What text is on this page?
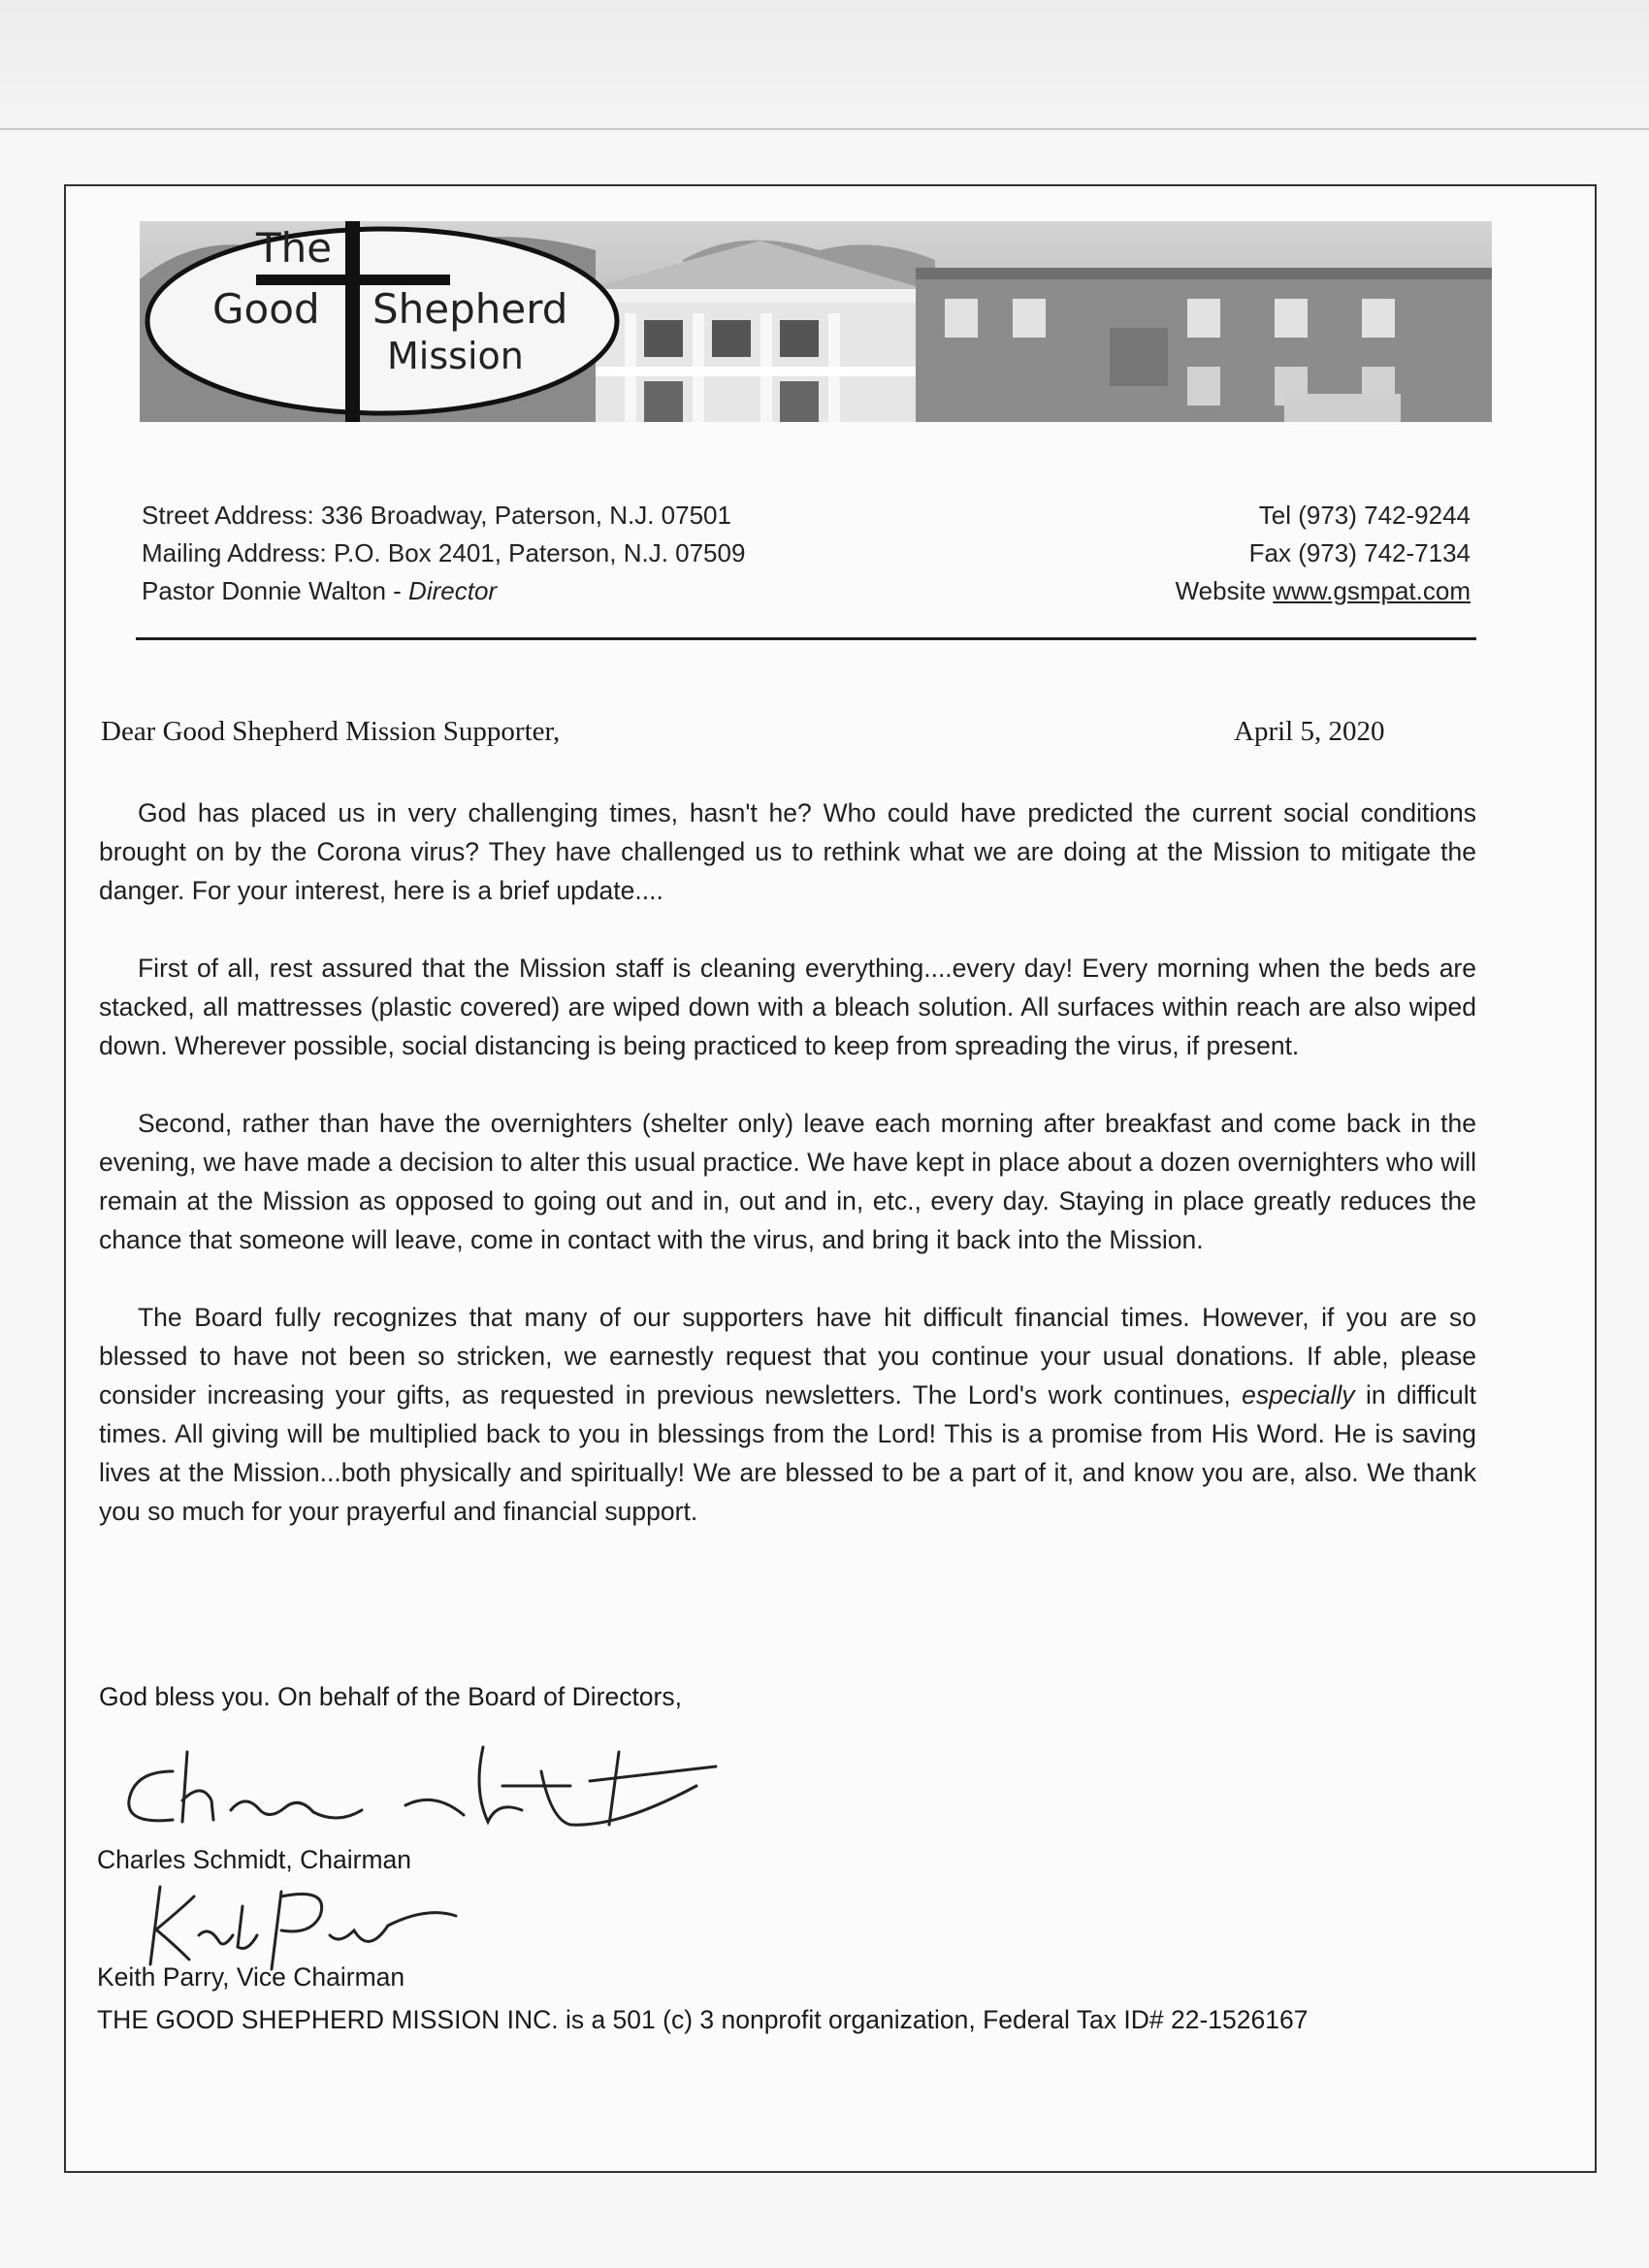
The
Good Shepherd
Mission
Street Address: 336 Broadway, Paterson, N.J. 07501
Mailing Address: P.O. Box 2401, Paterson, N.J. 07509
Pastor Donnie Walton - Director
Tel (973) 742-9244
Fax (973) 742-7134
Website www.gsmpat.com
Dear Good Shepherd Mission Supporter,	April 5, 2020

God has placed us in very challenging times, hasn't he? Who could have predicted the current social conditions brought on by the Corona virus? They have challenged us to rethink what we are doing at the Mission to mitigate the danger. For your interest, here is a brief update....

First of all, rest assured that the Mission staff is cleaning everything....every day! Every morning when the beds are stacked, all mattresses (plastic covered) are wiped down with a bleach solution. All surfaces within reach are also wiped down. Wherever possible, social distancing is being practiced to keep from spreading the virus, if present.

Second, rather than have the overnighters (shelter only) leave each morning after breakfast and come back in the evening, we have made a decision to alter this usual practice. We have kept in place about a dozen overnighters who will remain at the Mission as opposed to going out and in, out and in, etc., every day. Staying in place greatly reduces the chance that someone will leave, come in contact with the virus, and bring it back into the Mission.

The Board fully recognizes that many of our supporters have hit difficult financial times. However, if you are so blessed to have not been so stricken, we earnestly request that you continue your usual donations. If able, please consider increasing your gifts, as requested in previous newsletters. The Lord's work continues, especially in difficult times. All giving will be multiplied back to you in blessings from the Lord! This is a promise from His Word. He is saving lives at the Mission...both physically and spiritually! We are blessed to be a part of it, and know you are, also. We thank you so much for your prayerful and financial support.

God bless you. On behalf of the Board of Directors,
Charles Schmidt, Chairman
Keith Parry, Vice Chairman
THE GOOD SHEPHERD MISSION INC. is a 501 (c) 3 nonprofit organization, Federal Tax ID# 22-1526167
